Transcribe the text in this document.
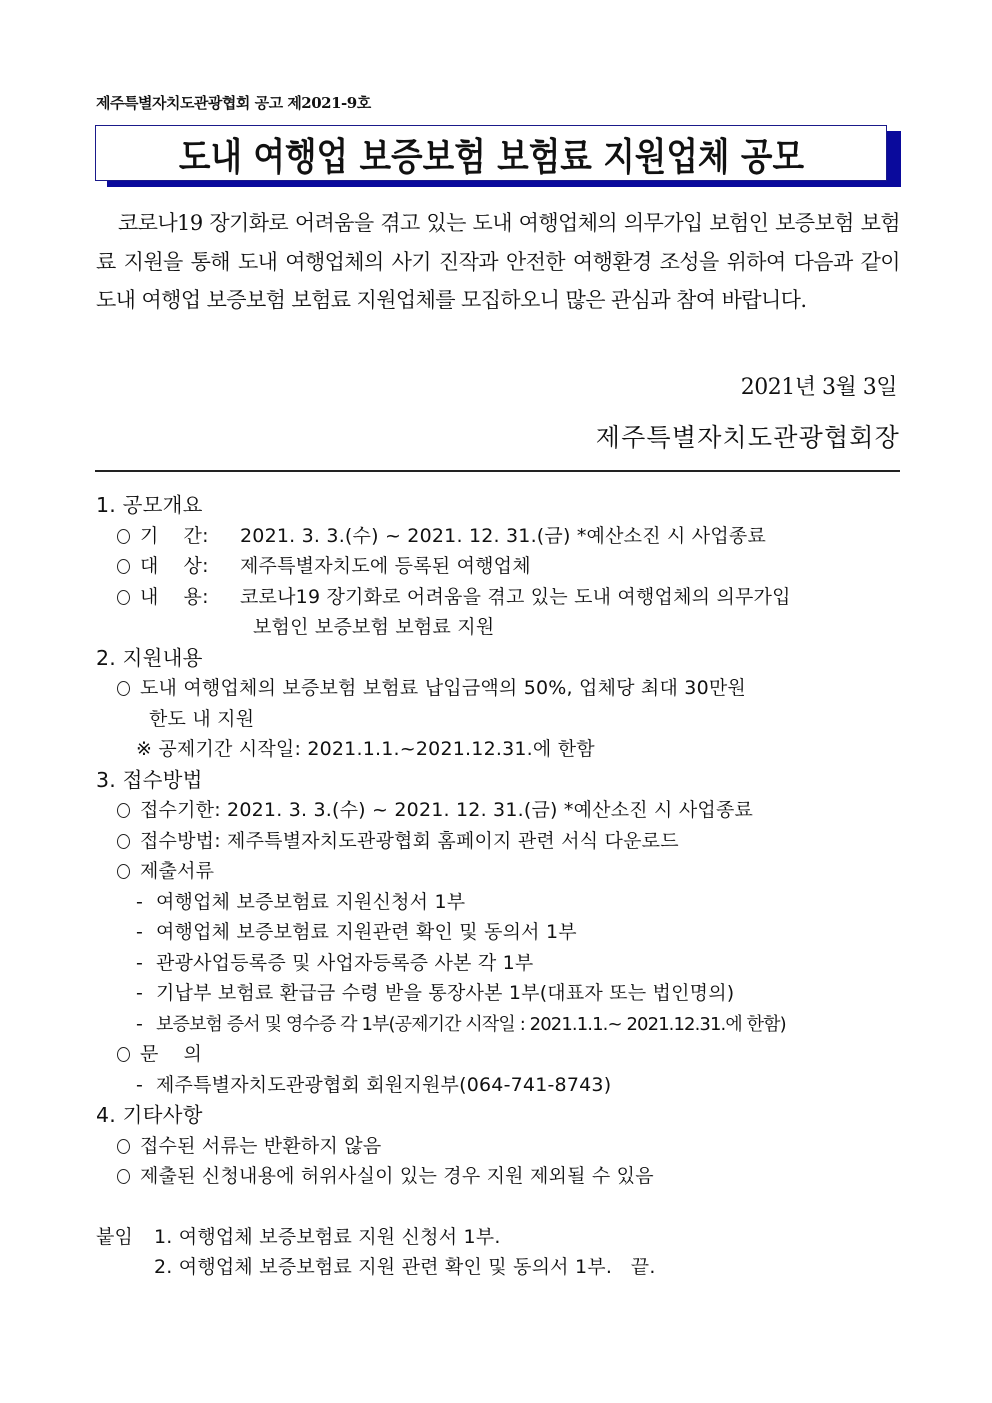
제주특별자치도관광협회 공고 제2021-9호
도내 여행업 보증보험 보험료 지원업체 공모

코로나19 장기화로 어려움을 겪고 있는 도내 여행업체의 의무가입 보험인 보증보험 보험료 지원을 통해 도내 여행업체의 사기 진작과 안전한 여행환경 조성을 위하여 다음과 같이 도내 여행업 보증보험 보험료 지원업체를 모집하오니 많은 관심과 참여 바랍니다.

2021년 3월 3일
제주특별자치도관광협회장
1. 공모개요
기    간: 2021. 3. 3.(수) ~ 2021. 12. 31.(금) *예산소진 시 사업종료
대    상: 제주특별자치도에 등록된 여행업체
내    용: 코로나19 장기화로 어려움을 겪고 있는 도내 여행업체의 의무가입
보험인 보증보험 보험료 지원
2. 지원내용
도내 여행업체의 보증보험 보험료 납입금액의 50%, 업체당 최대 30만원
한도 내 지원
※ 공제기간 시작일: 2021.1.1.~2021.12.31.에 한함
3. 접수방법
접수기한: 2021. 3. 3.(수) ~ 2021. 12. 31.(금) *예산소진 시 사업종료
접수방법: 제주특별자치도관광협회 홈페이지 관련 서식 다운로드
제출서류
- 여행업체 보증보험료 지원신청서 1부
- 여행업체 보증보험료 지원관련 확인 및 동의서 1부
- 관광사업등록증 및 사업자등록증 사본 각 1부
- 기납부 보험료 환급금 수령 받을 통장사본 1부(대표자 또는 법인명의)
- 보증보험 증서 및 영수증 각 1부(공제기간 시작일 : 2021.1.1.~ 2021.12.31.에 한함)
문    의
- 제주특별자치도관광협회 회원지원부(064-741-8743)
4. 기타사항
접수된 서류는 반환하지 않음
제출된 신청내용에 허위사실이 있는 경우 지원 제외될 수 있음
붙임 1. 여행업체 보증보험료 지원 신청서 1부.
2. 여행업체 보증보험료 지원 관련 확인 및 동의서 1부.   끝.
